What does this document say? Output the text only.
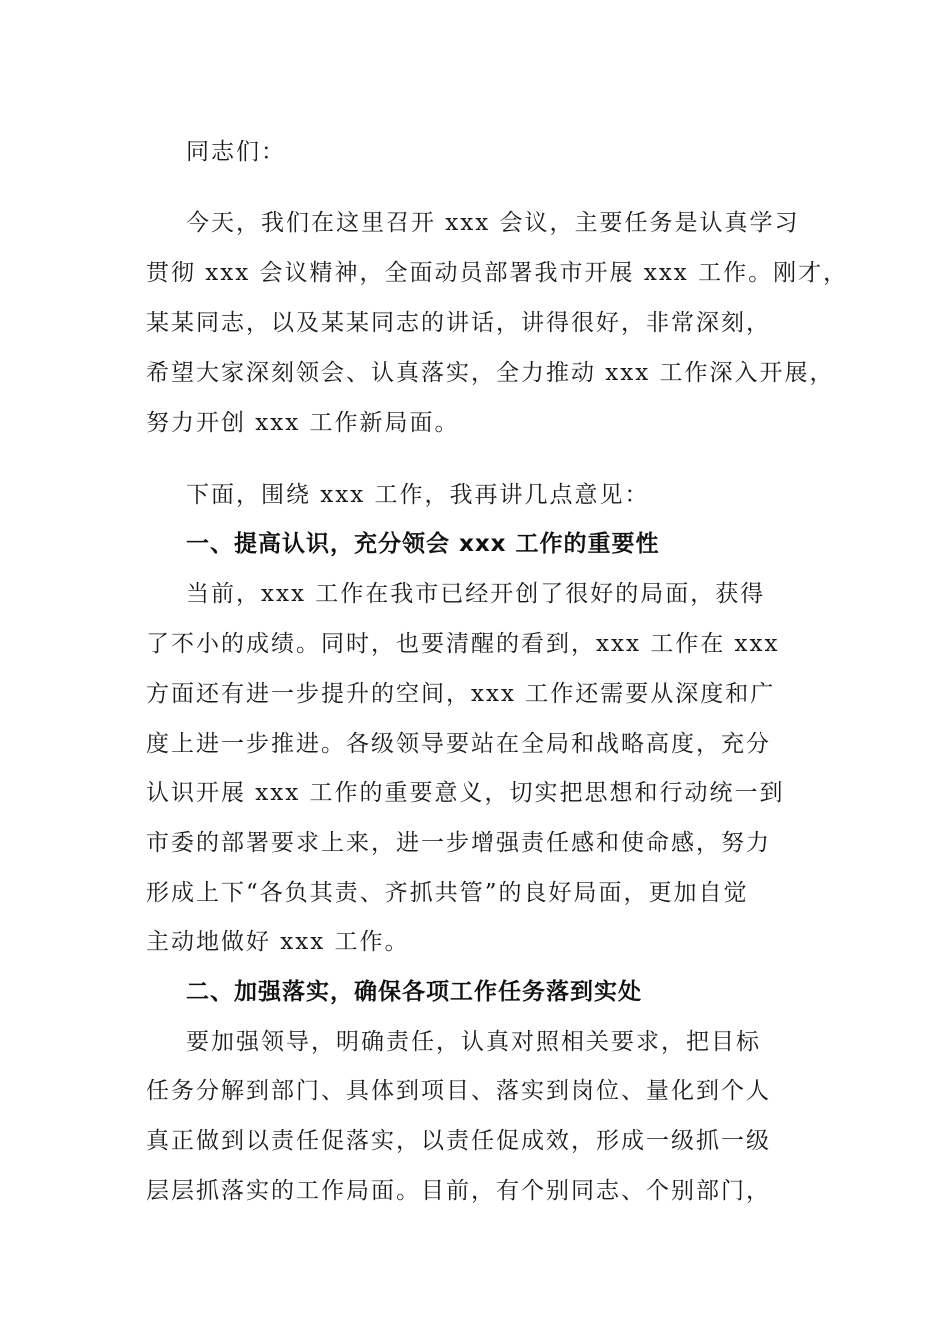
同志们：
今天，我们在这里召开 xxx 会议，主要任务是认真学习
贯彻 xxx 会议精神，全面动员部署我市开展 xxx 工作。刚才，
某某同志，以及某某同志的讲话，讲得很好，非常深刻，
希望大家深刻领会、认真落实，全力推动 xxx 工作深入开展，
努力开创 xxx 工作新局面。
下面，围绕 xxx 工作，我再讲几点意见：
一、提高认识，充分领会 xxx 工作的重要性
当前，xxx 工作在我市已经开创了很好的局面，获得
了不小的成绩。同时，也要清醒的看到，xxx 工作在 xxx
方面还有进一步提升的空间，xxx 工作还需要从深度和广
度上进一步推进。各级领导要站在全局和战略高度，充分
认识开展 xxx 工作的重要意义，切实把思想和行动统一到
市委的部署要求上来，进一步增强责任感和使命感，努力
形成上下“各负其责、齐抓共管”的良好局面，更加自觉
主动地做好 xxx 工作。
二、加强落实，确保各项工作任务落到实处
要加强领导，明确责任，认真对照相关要求，把目标
任务分解到部门、具体到项目、落实到岗位、量化到个人
真正做到以责任促落实，以责任促成效，形成一级抓一级
层层抓落实的工作局面。目前，有个别同志、个别部门，
